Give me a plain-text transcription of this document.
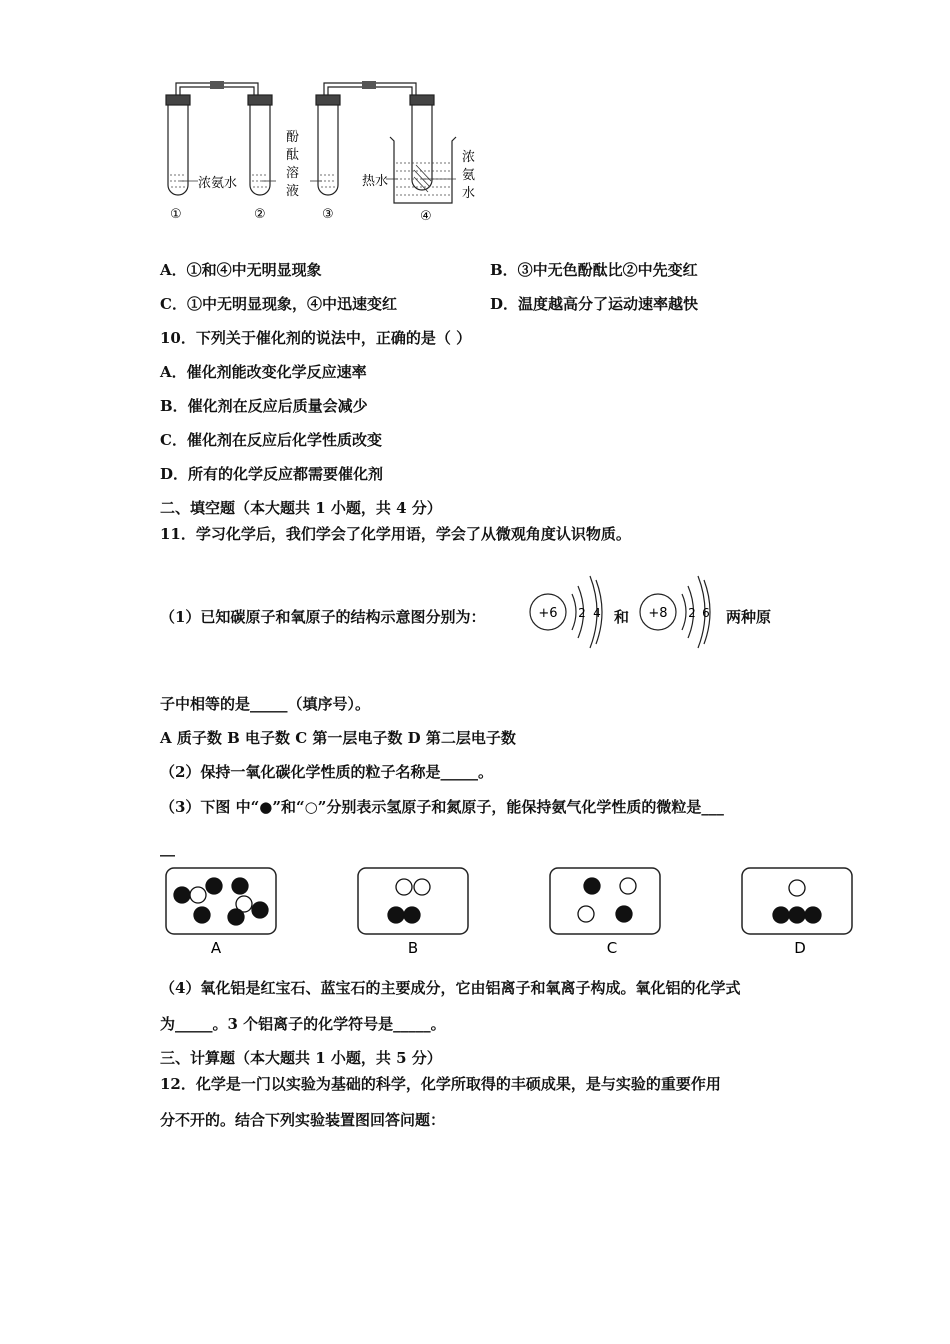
浓氨水
①	②	③	④
酚
酞
溶
液
热水
浓
氨
水
A．①和④中无明显现象	B．③中无色酚酞比②中先变红
C．①中无明显现象，④中迅速变红	D．温度越高分了运动速率越快
10．下列关于催化剂的说法中，正确的是（ ）
A．催化剂能改变化学反应速率
B．催化剂在反应后质量会减少
C．催化剂在反应后化学性质改变
D．所有的化学反应都需要催化剂
二、填空题（本大题共 1 小题，共 4 分）
11．学习化学后，我们学会了化学用语，学会了从微观角度认识物质。
（1）已知碳原子和氧原子的结构示意图分别为：	+6 2 4 和 +8 2 6 两种原
子中相等的是_____（填序号）。
A 质子数 B 电子数 C 第一层电子数 D 第二层电子数
（2）保持一氧化碳化学性质的粒子名称是_____。
（3）下图 中“●”和“○”分别表示氢原子和氮原子，能保持氨气化学性质的微粒是___
__
A	B	C	D
（4）氧化铝是红宝石、蓝宝石的主要成分，它由铝离子和氧离子构成。氧化铝的化学式
为_____。3 个铝离子的化学符号是_____。
三、计算题（本大题共 1 小题，共 5 分）
12．化学是一门以实验为基础的科学，化学所取得的丰硕成果，是与实验的重要作用
分不开的。结合下列实验装置图回答问题：
